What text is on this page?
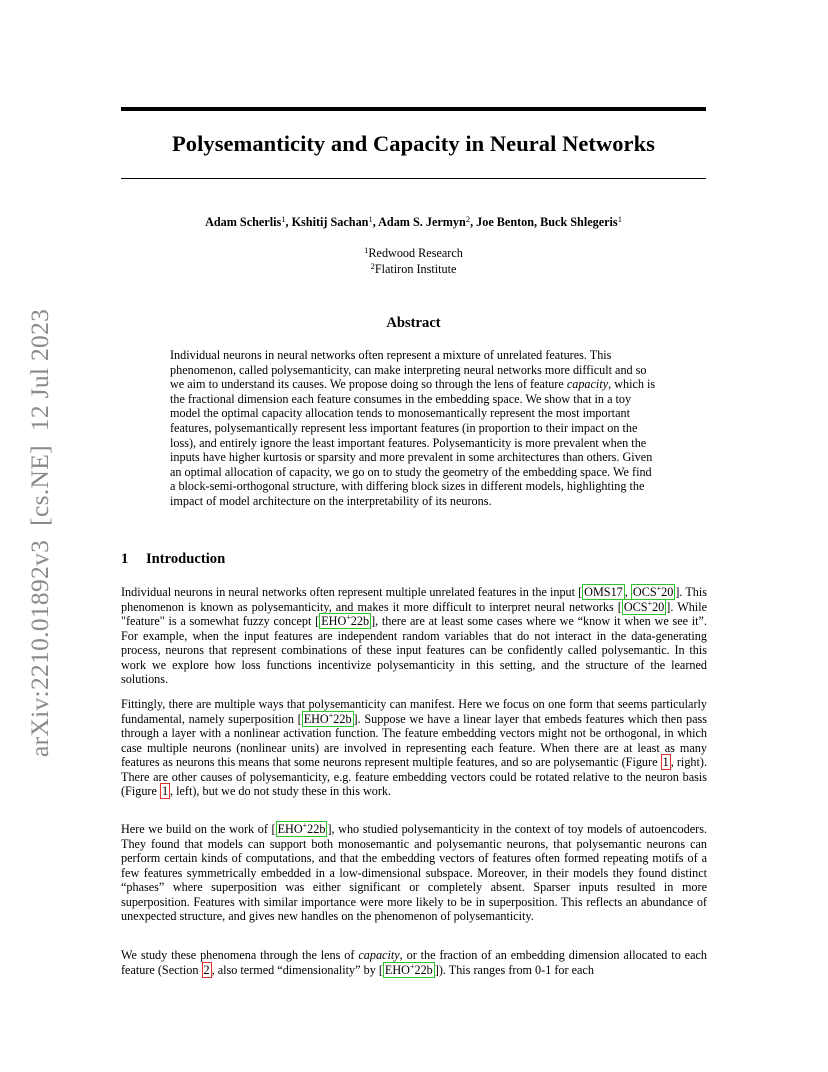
arXiv:2210.01892v3[cs.NE]12 Jul 2023
Polysemanticity and Capacity in Neural Networks
Adam Scherlis$^1$, Kshitij Sachan$^1$, Adam S. Jermyn$^2$, Joe Benton, Buck Shlegeris$^1$
$^1$Redwood Research
$^2$Flatiron Institute
Abstract
Individual neurons in neural networks often represent a mixture of unrelated features. This phenomenon, called polysemanticity, can make interpreting neural networks more difficult and so we aim to understand its causes. We propose doing so through the lens of feature capacity, which is the fractional dimension each feature consumes in the embedding space. We show that in a toy model the optimal capacity allocation tends to monosemantically represent the most important features, polysemantically represent less important features (in proportion to their impact on the loss), and entirely ignore the least important features. Polysemanticity is more prevalent when the inputs have higher kurtosis or sparsity and more prevalent in some architectures than others. Given an optimal allocation of capacity, we go on to study the geometry of the embedding space. We find a block-semi-orthogonal structure, with differing block sizes in different models, highlighting the impact of model architecture on the interpretability of its neurons.
1 Introduction
Individual neurons in neural networks often represent multiple unrelated features in the input [ OMS17 , OCS+20 ]. This phenomenon is known as polysemanticity, and makes it more difficult to interpret neural networks [ OCS+20 ]. While "feature" is a somewhat fuzzy concept [ EHO+22b ], there are at least some cases where we “know it when we see it”. For example, when the input features are independent random variables that do not interact in the data-generating process, neurons that represent combinations of these input features can be confidently called polysemantic. In this work we explore how loss functions incentivize polysemanticity in this setting, and the structure of the learned solutions.
Fittingly, there are multiple ways that polysemanticity can manifest. Here we focus on one form that seems particularly fundamental, namely superposition [ EHO+22b ]. Suppose we have a linear layer that embeds features which then pass through a layer with a nonlinear activation function. The feature embedding vectors might not be orthogonal, in which case multiple neurons (nonlinear units) are involved in representing each feature. When there are at least as many features as neurons this means that some neurons represent multiple features, and so are polysemantic (Figure 1 , right). There are other causes of polysemanticity, e.g. feature embedding vectors could be rotated relative to the neuron basis (Figure 1 , left), but we do not study these in this work.
Here we build on the work of [ EHO+22b ], who studied polysemanticity in the context of toy models of autoencoders. They found that models can support both monosemantic and polysemantic neurons, that polysemantic neurons can perform certain kinds of computations, and that the embedding vectors of features often formed repeating motifs of a few features symmetrically embedded in a low-dimensional subspace. Moreover, in their models they found distinct “phases” where superposition was either significant or completely absent. Sparser inputs resulted in more superposition. Features with similar importance were more likely to be in superposition. This reflects an abundance of unexpected structure, and gives new handles on the phenomenon of polysemanticity.
We study these phenomena through the lens of capacity, or the fraction of an embedding dimension allocated to each feature (Section 2 , also termed “dimensionality” by [ EHO+22b ]). This ranges from 0-1 for each
